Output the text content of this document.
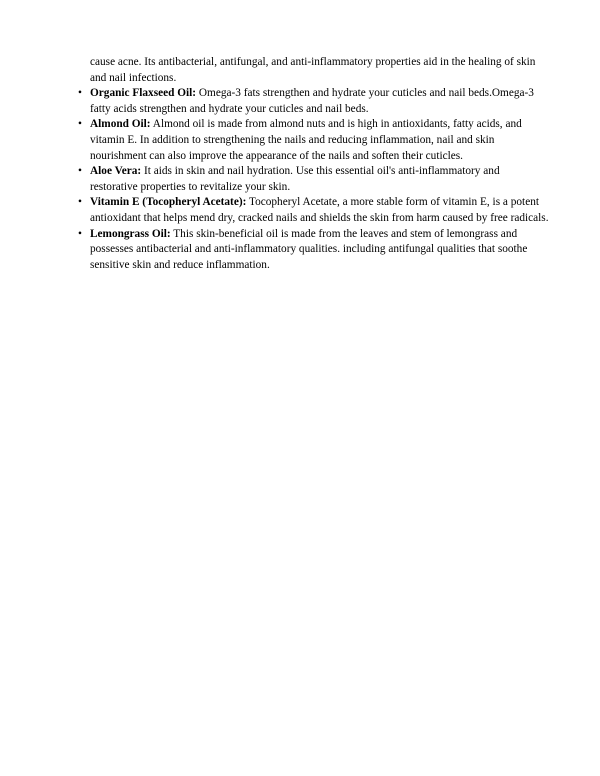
cause acne. Its antibacterial, antifungal, and anti-inflammatory properties aid in the healing of skin and nail infections.

• Organic Flaxseed Oil: Omega-3 fats strengthen and hydrate your cuticles and nail beds.Omega-3 fatty acids strengthen and hydrate your cuticles and nail beds.
• Almond Oil: Almond oil is made from almond nuts and is high in antioxidants, fatty acids, and vitamin E. In addition to strengthening the nails and reducing inflammation, nail and skin nourishment can also improve the appearance of the nails and soften their cuticles.
• Aloe Vera: It aids in skin and nail hydration. Use this essential oil's anti-inflammatory and restorative properties to revitalize your skin.
• Vitamin E (Tocopheryl Acetate): Tocopheryl Acetate, a more stable form of vitamin E, is a potent antioxidant that helps mend dry, cracked nails and shields the skin from harm caused by free radicals.
• Lemongrass Oil: This skin-beneficial oil is made from the leaves and stem of lemongrass and possesses antibacterial and anti-inflammatory qualities. including antifungal qualities that soothe sensitive skin and reduce inflammation.
